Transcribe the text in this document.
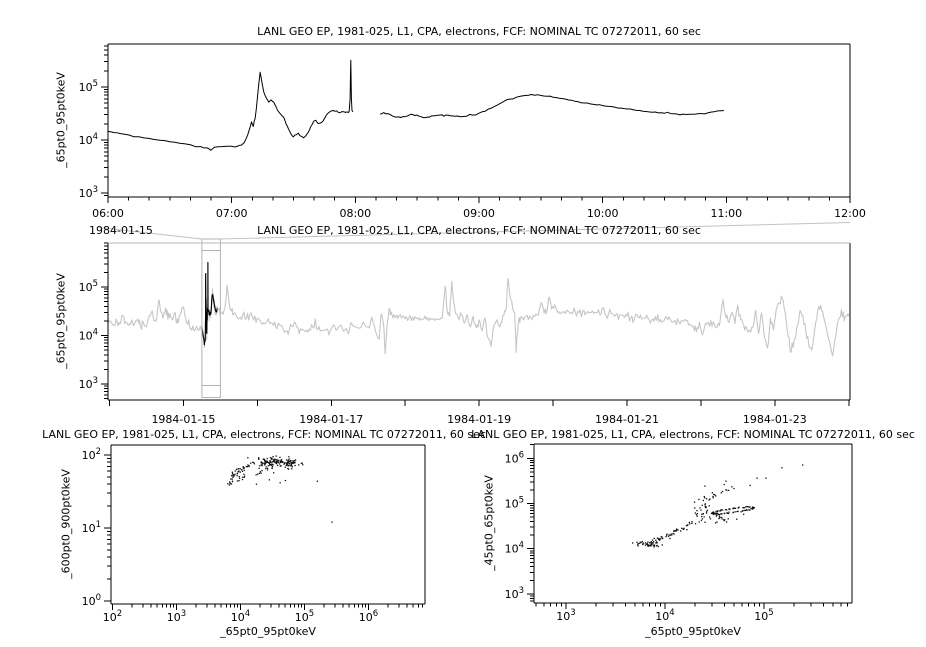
$10^3$
$10^4$
$10^5$
06:00	07:00	08:00	09:00	10:00	11:00	12:00
$10^3$
$10^4$
$10^5$
1984-01-15	1984-01-17	1984-01-19	1984-01-21	1984-01-23
$10^0$
$10^1$
$10^2$
$10^2$	$10^3$	$10^4$	$10^5$	$10^6$
$10^3$
$10^4$
$10^5$
$10^6$
$10^3$	$10^4$	$10^5$
LANL GEO EP, 1981-025, L1, CPA, electrons, FCF: NOMINAL TC 07272011, 60 sec
LANL GEO EP, 1981-025, L1, CPA, electrons, FCF: NOMINAL TC 07272011, 60 sec
LANL GEO EP, 1981-025, L1, CPA, electrons, FCF: NOMINAL TC 07272011, 60 sec
LANL GEO EP, 1981-025, L1, CPA, electrons, FCF: NOMINAL TC 07272011, 60 sec
_65pt0_95pt0keV
_65pt0_95pt0keV
_600pt0_900pt0keV	_45pt0_65pt0keV
_65pt0_95pt0keV	_65pt0_95pt0keV
1984-01-15
